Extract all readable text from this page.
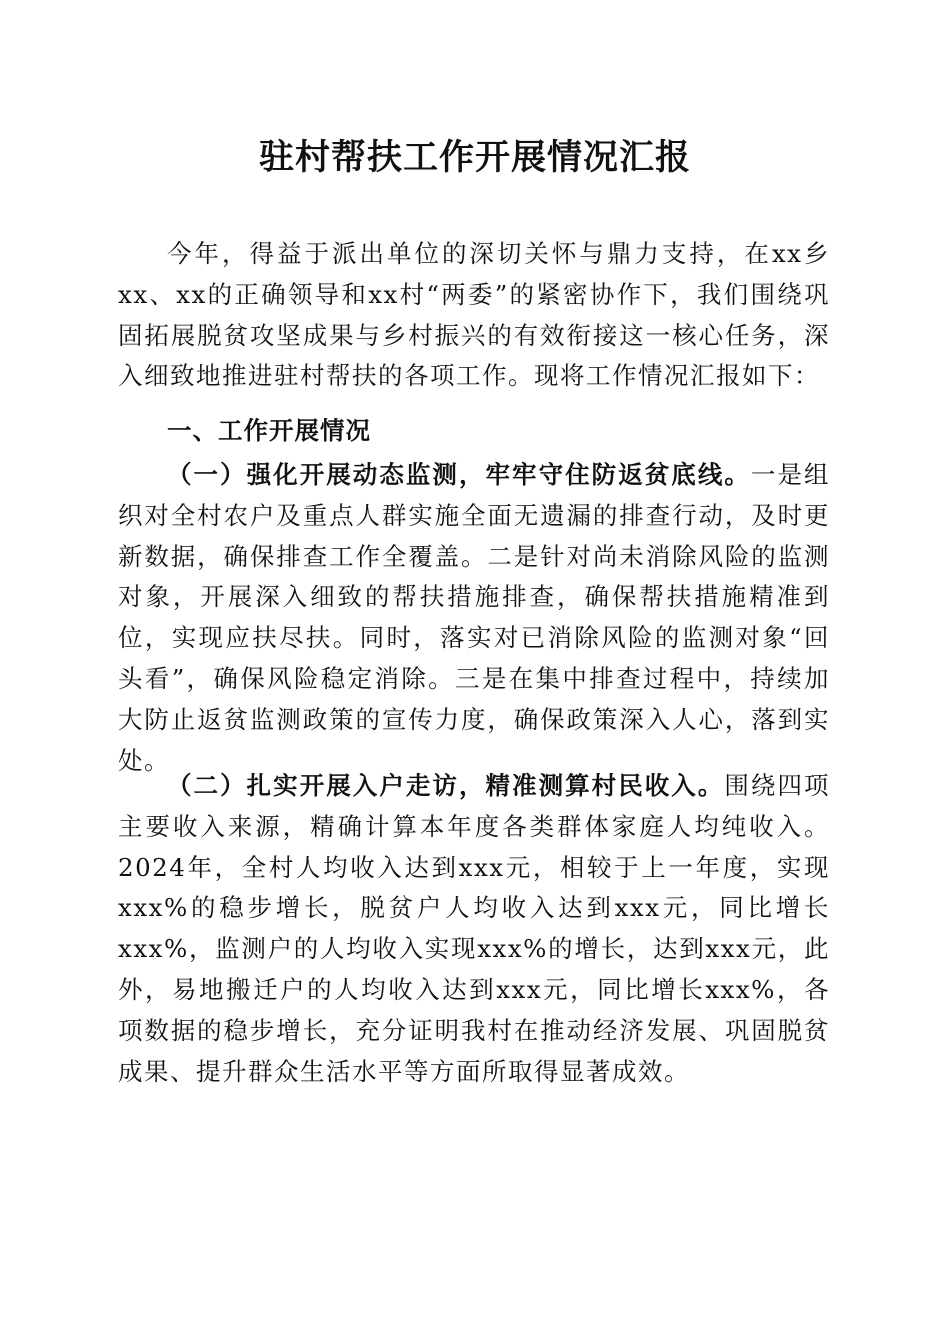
驻村帮扶工作开展情况汇报

今年，得益于派出单位的深切关怀与鼎力支持，在xx乡xx、xx的正确领导和xx村“两委”的紧密协作下，我们围绕巩固拓展脱贫攻坚成果与乡村振兴的有效衔接这一核心任务，深入细致地推进驻村帮扶的各项工作。现将工作情况汇报如下：

一、工作开展情况

（一）强化开展动态监测，牢牢守住防返贫底线。一是组织对全村农户及重点人群实施全面无遗漏的排查行动，及时更新数据，确保排查工作全覆盖。二是针对尚未消除风险的监测对象，开展深入细致的帮扶措施排查，确保帮扶措施精准到位，实现应扶尽扶。同时，落实对已消除风险的监测对象“回头看”，确保风险稳定消除。三是在集中排查过程中，持续加大防止返贫监测政策的宣传力度，确保政策深入人心，落到实处。

（二）扎实开展入户走访，精准测算村民收入。围绕四项主要收入来源，精确计算本年度各类群体家庭人均纯收入。2024年，全村人均收入达到xxx元，相较于上一年度，实现xxx%的稳步增长，脱贫户人均收入达到xxx元，同比增长xxx%，监测户的人均收入实现xxx%的增长，达到xxx元，此外，易地搬迁户的人均收入达到xxx元，同比增长xxx%，各项数据的稳步增长，充分证明我村在推动经济发展、巩固脱贫成果、提升群众生活水平等方面所取得显著成效。
